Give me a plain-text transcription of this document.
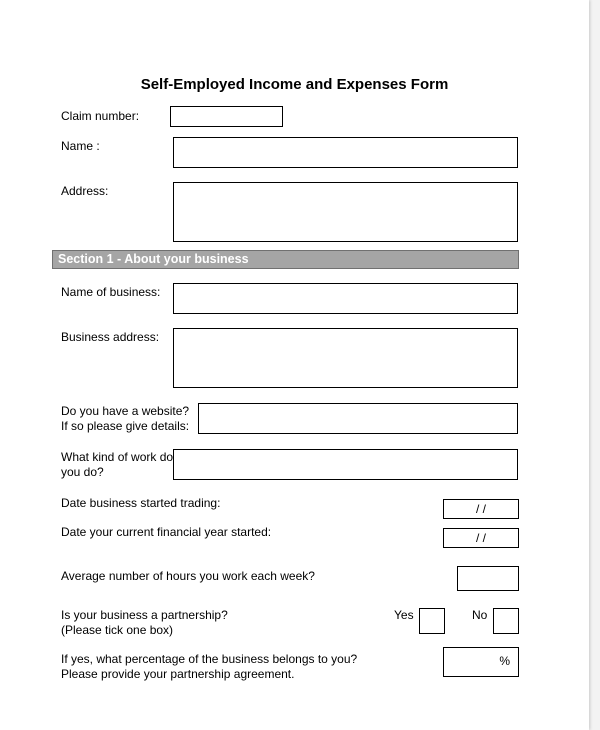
Self-Employed Income and Expenses Form
Claim number:
Name :
Address:
Section 1 - About your business
Name of business:
Business address:
Do you have a website?
If so please give details:
What kind of work do
you do?
Date business started trading:	/ /
Date your current financial year started:	/ /
Average number of hours you work each week?
Is your business a partnership?
(Please tick one box)
Yes	No
If yes, what percentage of the business belongs to you?
Please provide your partnership agreement.
%
